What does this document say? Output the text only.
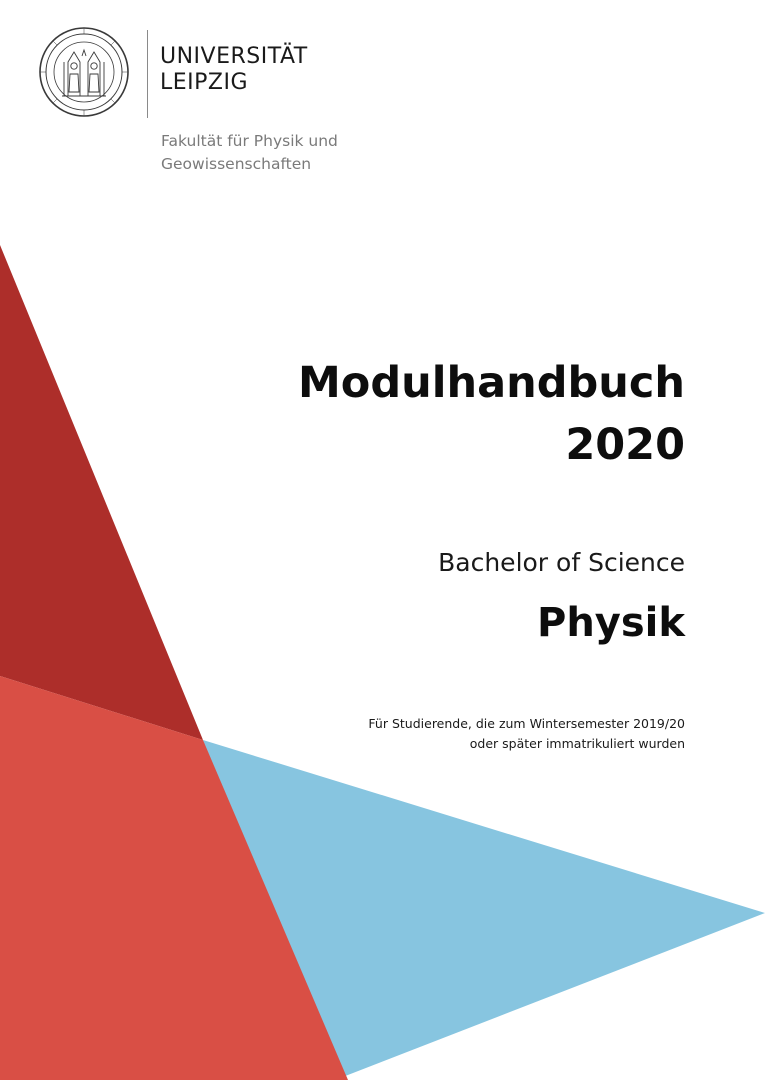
UNIVERSITÄT
LEIPZIG
Fakultät für Physik und
Geowissenschaften
Modulhandbuch
2020
Bachelor of Science
Physik
Für Studierende, die zum Wintersemester 2019/20
oder später immatrikuliert wurden
